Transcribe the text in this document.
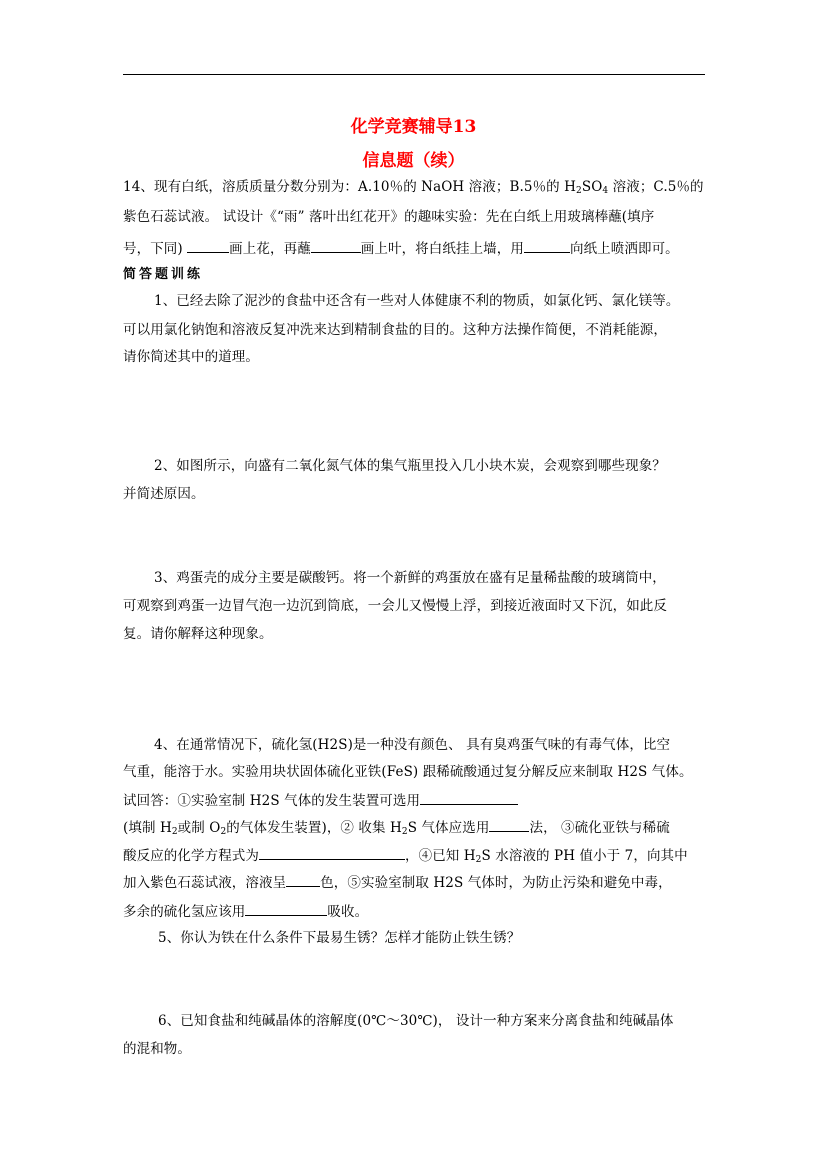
化学竞赛辅导13
信息题（续）
14、现有白纸，溶质质量分数分别为：A.10％的 NaOH 溶液；B.5％的 $H_2SO_4$ 溶液；C.5％的
紫色石蕊试液。 试设计《“雨” 落叶出红花开》的趣味实验：先在白纸上用玻璃棒蘸(填序
号，下同)	画上花，再蘸	画上叶，将白纸挂上墙，用	向纸上喷洒即可。
简答题训练
1、已经去除了泥沙的食盐中还含有一些对人体健康不利的物质，如氯化钙、氯化镁等。
可以用氯化钠饱和溶液反复冲洗来达到精制食盐的目的。这种方法操作简便，不消耗能源，
请你简述其中的道理。
2、如图所示，向盛有二氧化氮气体的集气瓶里投入几小块木炭，会观察到哪些现象？
并简述原因。
3、鸡蛋壳的成分主要是碳酸钙。将一个新鲜的鸡蛋放在盛有足量稀盐酸的玻璃筒中，
可观察到鸡蛋一边冒气泡一边沉到筒底，一会儿又慢慢上浮，到接近液面时又下沉，如此反
复。请你解释这种现象。
4、在通常情况下，硫化氢(H2S)是一种没有颜色、 具有臭鸡蛋气味的有毒气体，比空
气重，能溶于水。实验用块状固体硫化亚铁(FeS) 跟稀硫酸通过复分解反应来制取 H2S 气体。
试回答：①实验室制 H2S 气体的发生装置可选用
(填制 $H_2$或制 $O_2$的气体发生装置)，② 收集 $H_2S$ 气体应选用	法， ③硫化亚铁与稀硫
酸反应的化学方程式为	，④已知 $H_2S$ 水溶液的 PH 值小于 7，向其中
加入紫色石蕊试液，溶液呈	色，⑤实验室制取 H2S 气体时，为防止污染和避免中毒，
多余的硫化氢应该用	吸收。
5、你认为铁在什么条件下最易生锈？怎样才能防止铁生锈？
6、已知食盐和纯碱晶体的溶解度(0℃～30℃)， 设计一种方案来分离食盐和纯碱晶体
的混和物。
